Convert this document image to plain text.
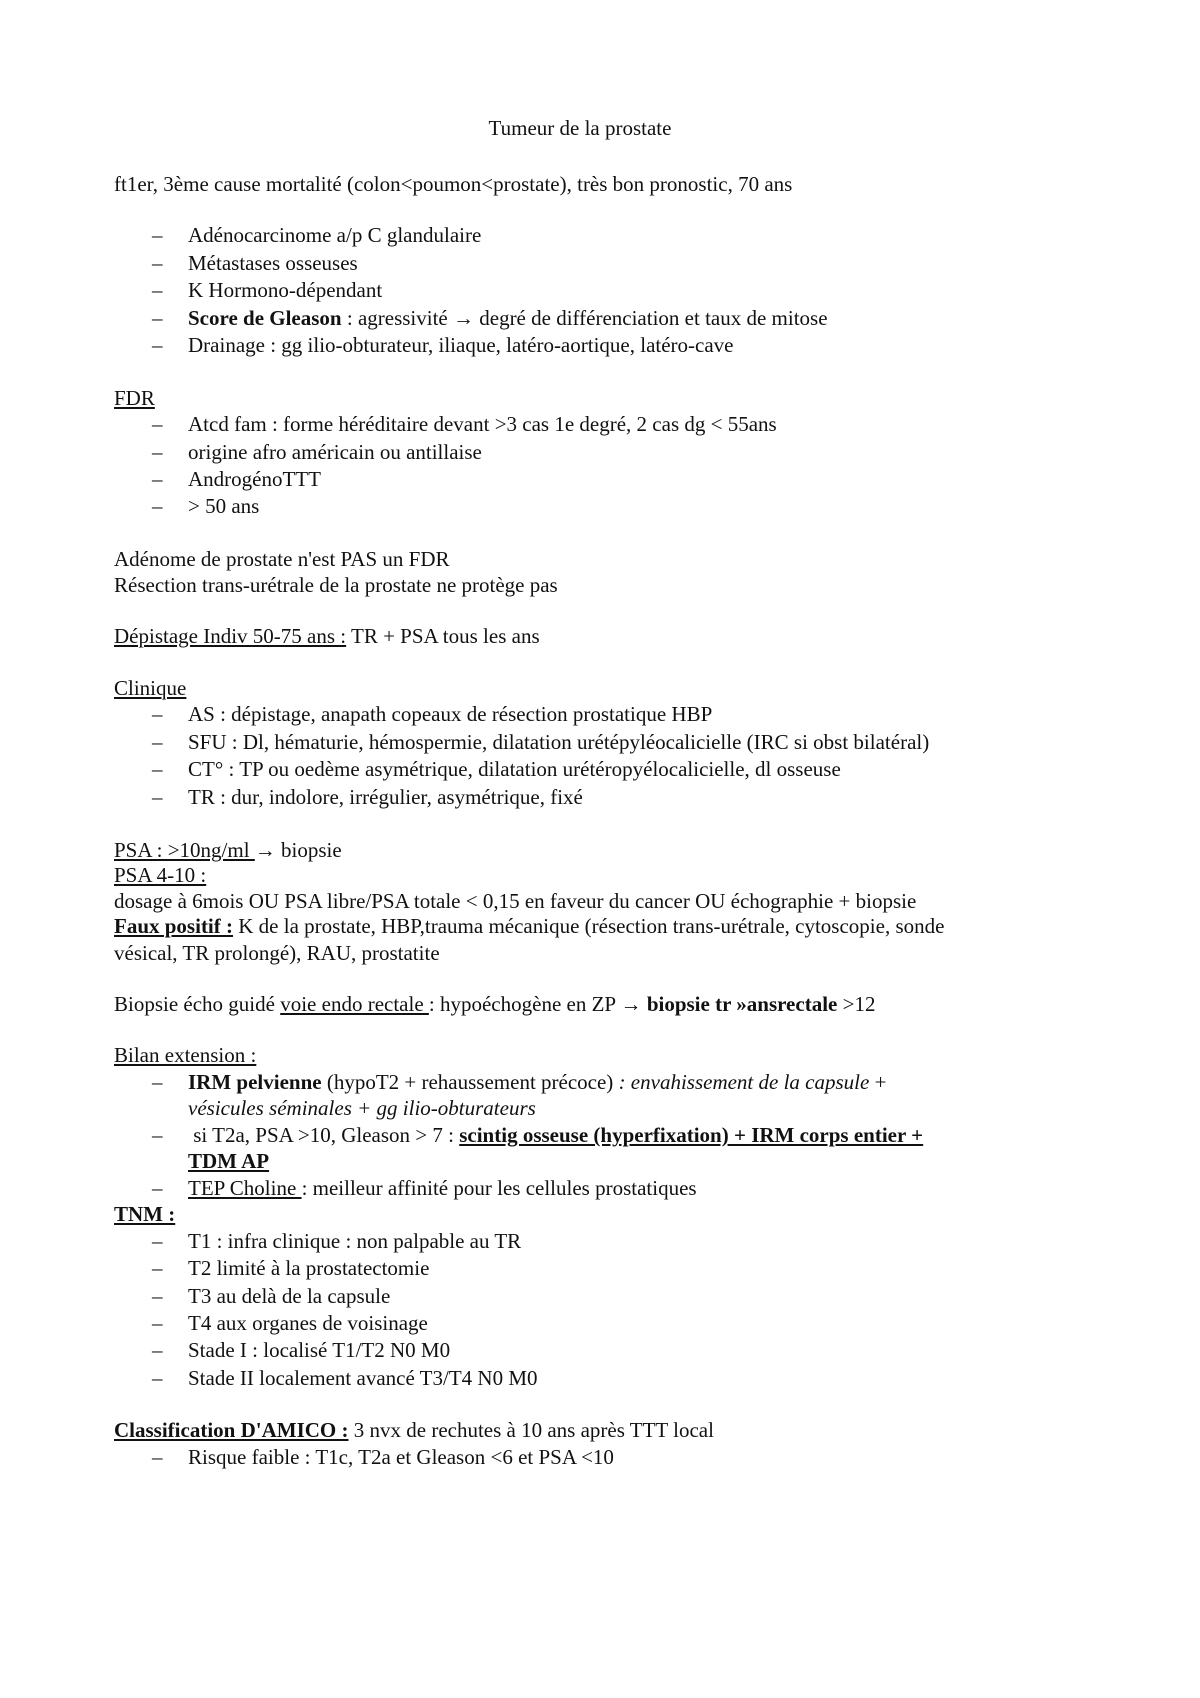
Tumeur de la prostate
ft1er, 3ème cause mortalité (colon<poumon<prostate), très bon pronostic, 70 ans
– Adénocarcinome a/p C glandulaire
– Métastases osseuses
– K Hormono-dépendant
– Score de Gleason : agressivité → degré de différenciation et taux de mitose
– Drainage : gg ilio-obturateur, iliaque, latéro-aortique, latéro-cave
FDR
– Atcd fam : forme héréditaire devant >3 cas 1e degré, 2 cas dg < 55ans
– origine afro américain ou antillaise
– AndrogénoTTT
– > 50 ans
Adénome de prostate n'est PAS un FDR
Résection trans-urétrale de la prostate ne protège pas
Dépistage Indiv 50-75 ans : TR + PSA tous les ans
Clinique
– AS : dépistage, anapath copeaux de résection prostatique HBP
– SFU : Dl, hématurie, hémospermie, dilatation urétépyléocalicielle (IRC si obst bilatéral)
– CT° : TP ou oedème asymétrique, dilatation urétéropyélocalicielle, dl osseuse
– TR : dur, indolore, irrégulier, asymétrique, fixé
PSA : >10ng/ml → biopsie
PSA 4-10 :
dosage à 6mois OU PSA libre/PSA totale < 0,15 en faveur du cancer OU échographie + biopsie
Faux positif : K de la prostate, HBP,trauma mécanique (résection trans-urétrale, cytoscopie, sonde
vésical, TR prolongé), RAU, prostatite
Biopsie écho guidé voie endo rectale : hypoéchogène en ZP → biopsie tr »ansrectale >12
Bilan extension :
– IRM pelvienne (hypoT2 + rehaussement précoce) : envahissement de la capsule +
vésicules séminales + gg ilio-obturateurs
– si T2a, PSA >10, Gleason > 7 : scintig osseuse (hyperfixation) + IRM corps entier +
TDM AP
– TEP Choline : meilleur affinité pour les cellules prostatiques
TNM :
– T1 : infra clinique : non palpable au TR
– T2 limité à la prostatectomie
– T3 au delà de la capsule
– T4 aux organes de voisinage
– Stade I : localisé T1/T2 N0 M0
– Stade II localement avancé T3/T4 N0 M0
Classification D'AMICO : 3 nvx de rechutes à 10 ans après TTT local
– Risque faible : T1c, T2a et Gleason <6 et PSA <10
